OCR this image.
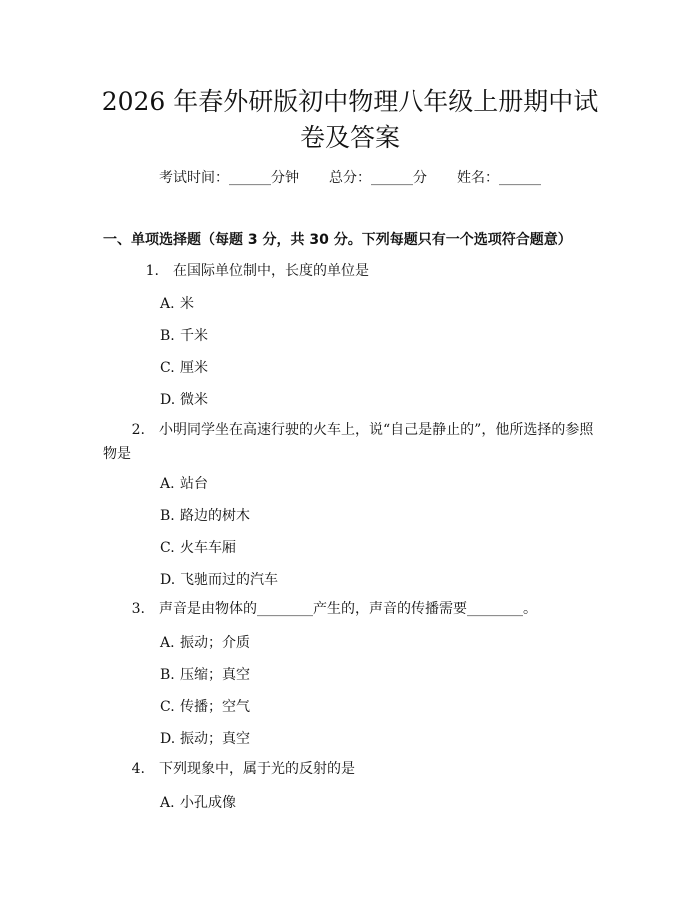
2026 年春外研版初中物理八年级上册期中试
卷及答案
考试时间：______分钟 总分：______分 姓名：______
一、单项选择题（每题 3 分，共 30 分。下列每题只有一个选项符合题意）
1. 在国际单位制中，长度的单位是
A. 米
B. 千米
C. 厘米
D. 微米
2. 小明同学坐在高速行驶的火车上，说“自己是静止的”，他所选择的参照
物是
A. 站台
B. 路边的树木
C. 火车车厢
D. 飞驰而过的汽车
3. 声音是由物体的________产生的，声音的传播需要________。
A. 振动；介质
B. 压缩；真空
C. 传播；空气
D. 振动；真空
4. 下列现象中，属于光的反射的是
A. 小孔成像
